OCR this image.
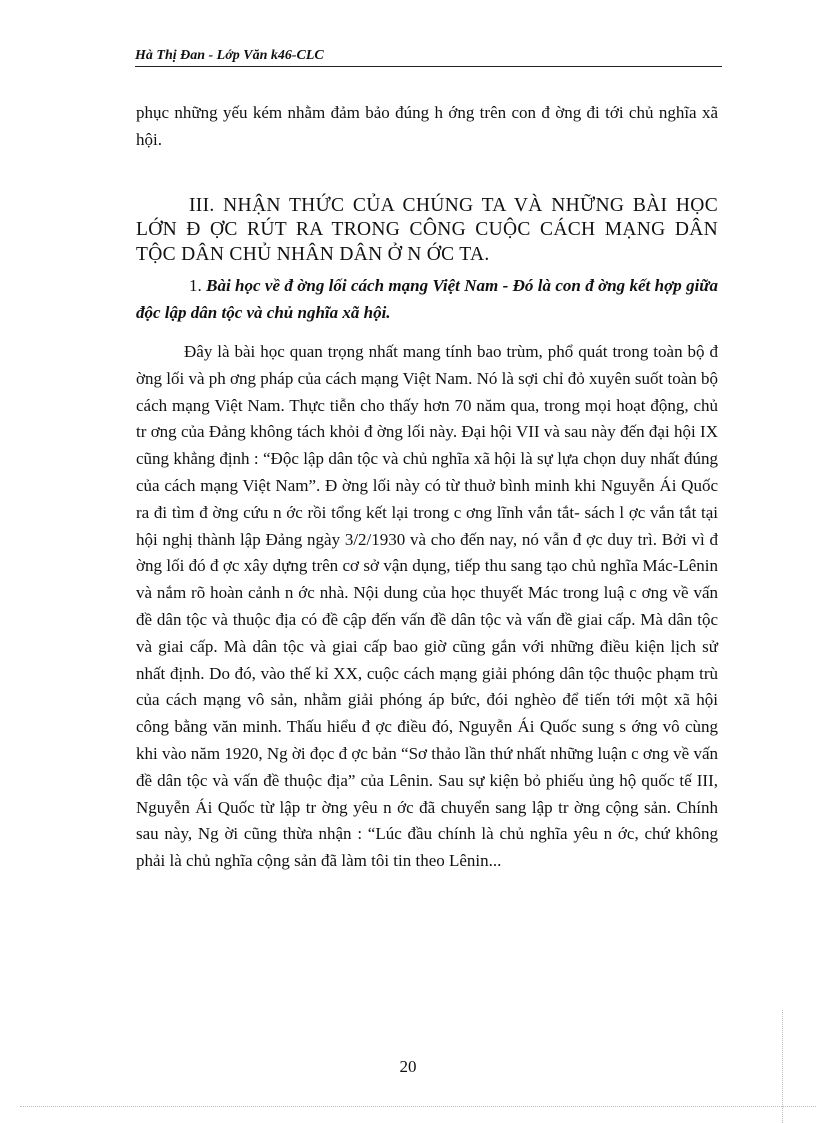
Hà Thị Đan - Lớp Văn k46-CLC

phục những yếu kém nhằm đảm bảo đúng h ớng trên con đ ờng đi tới chủ nghĩa xã hội.

III. NHẬN THỨC CỦA CHÚNG TA VÀ NHỮNG BÀI HỌC
LỚN Đ ỢC RÚT RA TRONG CÔNG CUỘC CÁCH MẠNG DÂN
TỘC DÂN CHỦ NHÂN DÂN Ở N ỚC TA.

1. Bài học về đ ờng lối cách mạng Việt Nam - Đó là con đ ờng kết hợp giữa độc lập dân tộc và chủ nghĩa xã hội.

Đây là bài học quan trọng nhất mang tính bao trùm, phổ quát trong toàn bộ đ ờng lối và ph ơng pháp của cách mạng Việt Nam. Nó là sợi chỉ đỏ xuyên suốt toàn bộ cách mạng Việt Nam. Thực tiễn cho thấy hơn 70 năm qua, trong mọi hoạt động, chủ tr ơng của Đảng không tách khỏi đ ờng lối này. Đại hội VII và sau này đến đại hội IX cũng khẳng định : “Độc lập dân tộc và chủ nghĩa xã hội là sự lựa chọn duy nhất đúng của cách mạng Việt Nam”. Đ ờng lối này có từ thuở bình minh khi Nguyễn Ái Quốc ra đi tìm đ ờng cứu n ớc rồi tổng kết lại trong c ơng lĩnh vắn tắt- sách l ợc vắn tắt tại hội nghị thành lập Đảng ngày 3/2/1930 và cho đến nay, nó vẫn đ ợc duy trì. Bởi vì đ ờng lối đó đ ợc xây dựng trên cơ sở vận dụng, tiếp thu sang tạo chủ nghĩa Mác-Lênin và nắm rõ hoàn cảnh n ớc nhà. Nội dung của học thuyết Mác trong luậ c ơng về vấn đề dân tộc và thuộc địa có đề cập đến vấn đề dân tộc và vấn đề giai cấp. Mà dân tộc và giai cấp. Mà dân tộc và giai cấp bao giờ cũng gắn với những điều kiện lịch sử nhất định. Do đó, vào thế kỉ XX, cuộc cách mạng giải phóng dân tộc thuộc phạm trù của cách mạng vô sản, nhằm giải phóng áp bức, đói nghèo để tiến tới một xã hội công bằng văn minh. Thấu hiểu đ ợc điều đó, Nguyễn Ái Quốc sung s ớng vô cùng khi vào năm 1920, Ng ời đọc đ ợc bản “Sơ thảo lần thứ nhất những luận c ơng về vấn đề dân tộc và vấn đề thuộc địa” của Lênin. Sau sự kiện bỏ phiếu ủng hộ quốc tế III, Nguyễn Ái Quốc từ lập tr ờng yêu n ớc đã chuyển sang lập tr ờng cộng sản. Chính sau này, Ng ời cũng thừa nhận : “Lúc đầu chính là chủ nghĩa yêu n ớc, chứ không phải là chủ nghĩa cộng sản đã làm tôi tin theo Lênin...

20
